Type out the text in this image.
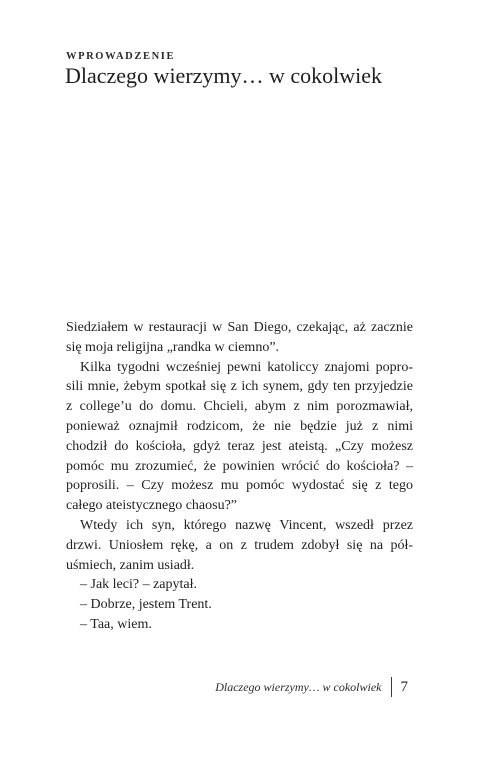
WPROWADZENIE
Dlaczego wierzymy… w cokolwiek
Siedziałem w restauracji w San Diego, czekając, aż zacznie
się moja religijna „randka w ciemno”.
Kilka tygodni wcześniej pewni katoliccy znajomi popro-
sili mnie, żebym spotkał się z ich synem, gdy ten przyjedzie
z college’u do domu. Chcieli, abym z nim porozmawiał,
ponieważ oznajmił rodzicom, że nie będzie już z nimi
chodził do kościoła, gdyż teraz jest ateistą. „Czy możesz
pomóc mu zrozumieć, że powinien wrócić do kościoła? –
poprosili. – Czy możesz mu pomóc wydostać się z tego
całego ateistycznego chaosu?”
Wtedy ich syn, którego nazwę Vincent, wszedł przez
drzwi. Uniosłem rękę, a on z trudem zdobył się na pół-
uśmiech, zanim usiadł.
– Jak leci? – zapytał.
– Dobrze, jestem Trent.
– Taa, wiem.
Dlaczego wierzymy… w cokolwiek 7
